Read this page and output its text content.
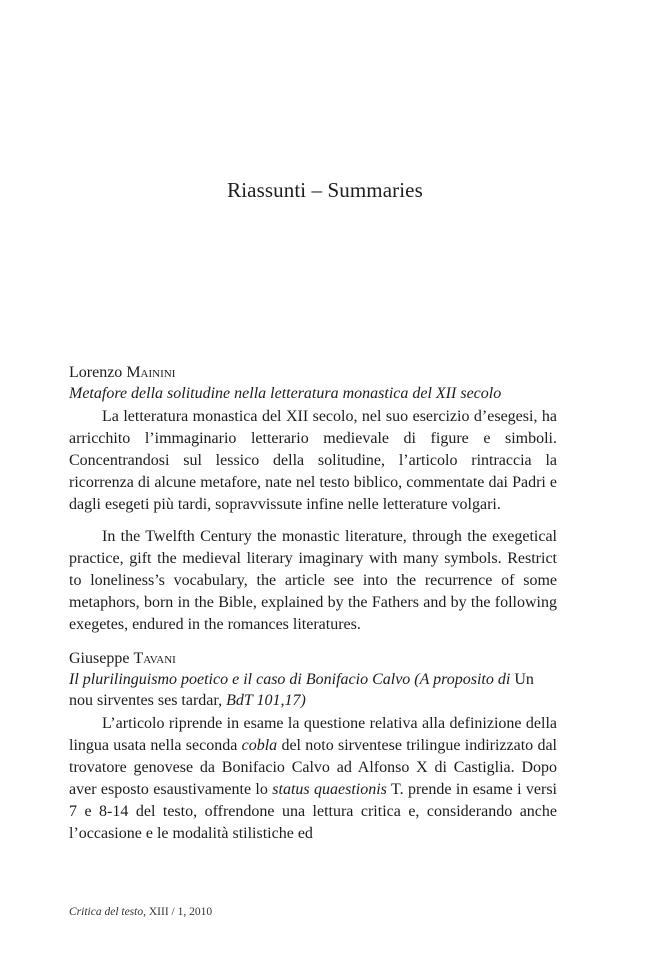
Riassunti – Summaries
Lorenzo Mainini
Metafore della solitudine nella letteratura monastica del XII secolo

La letteratura monastica del XII secolo, nel suo esercizio d’esegesi, ha arricchito l’immaginario letterario medievale di figure e simboli. Concentrandosi sul lessico della solitudine, l’articolo rintraccia la ricorrenza di alcune metafore, nate nel testo biblico, commentate dai Padri e dagli esegeti più tardi, sopravvissute infine nelle letterature volgari.

In the Twelfth Century the monastic literature, through the exegetical practice, gift the medieval literary imaginary with many symbols. Restrict to loneliness’s vocabulary, the article see into the recurrence of some metaphors, born in the Bible, explained by the Fathers and by the following exegetes, endured in the romances literatures.

Giuseppe Tavani
Il plurilinguismo poetico e il caso di Bonifacio Calvo (A proposito di Un nou sirventes ses tardar, BdT 101,17)

L’articolo riprende in esame la questione relativa alla definizione della lingua usata nella seconda cobla del noto sirventese trilingue indirizzato dal trovatore genovese da Bonifacio Calvo ad Alfonso X di Castiglia. Dopo aver esposto esaustivamente lo status quaestionis T. prende in esame i versi 7 e 8-14 del testo, offrendone una lettura critica e, considerando anche l’occasione e le modalità stilistiche ed

Critica del testo, XIII / 1, 2010
